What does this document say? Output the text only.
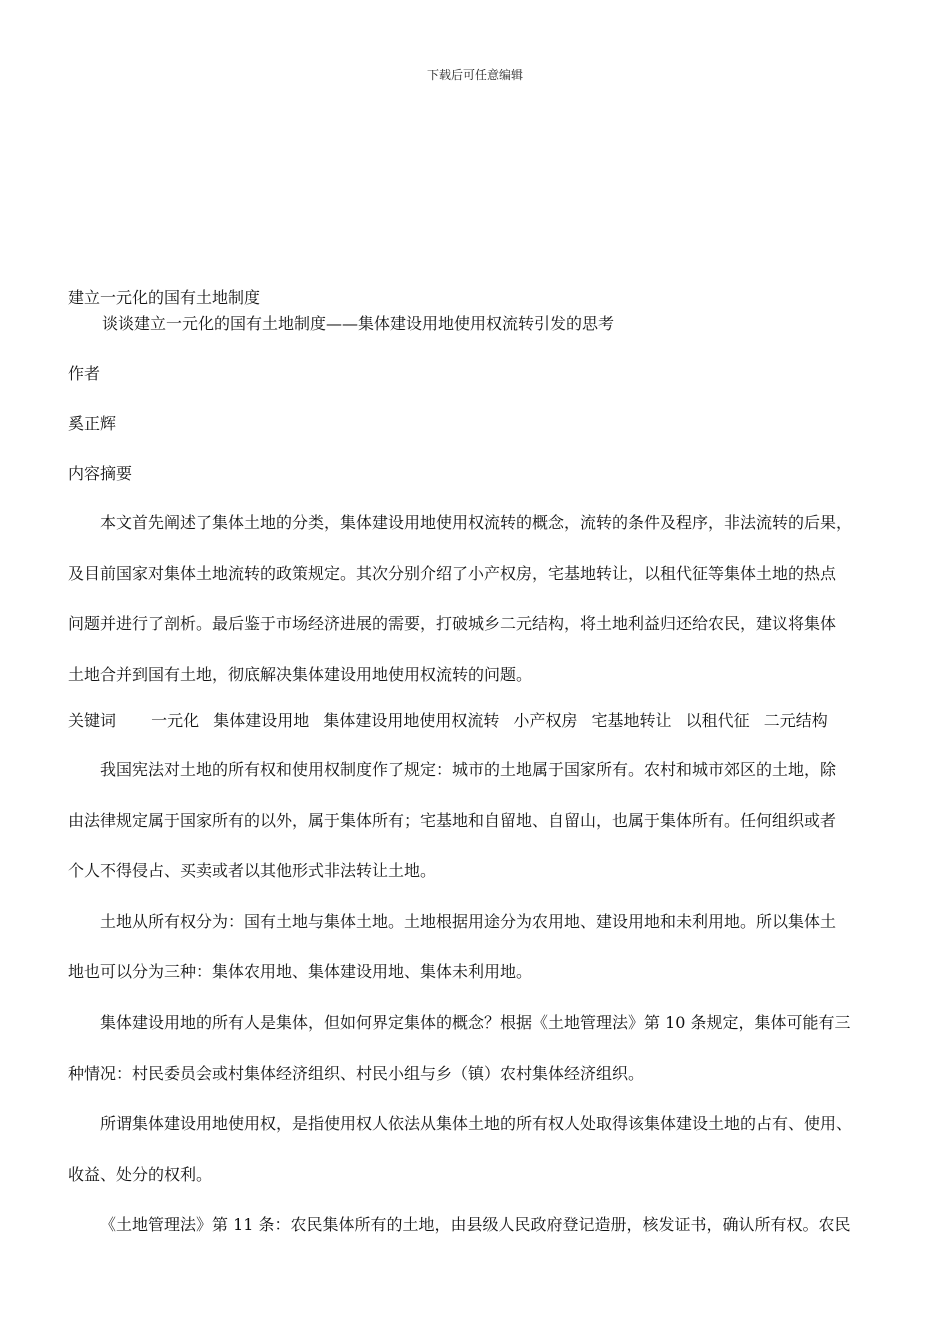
下载后可任意编辑
建立一元化的国有土地制度
谈谈建立一元化的国有土地制度——集体建设用地使用权流转引发的思考
作者
奚正辉
内容摘要

本文首先阐述了集体土地的分类，集体建设用地使用权流转的概念，流转的条件及程序，非法流转的后果，

及目前国家对集体土地流转的政策规定。其次分别介绍了小产权房，宅基地转让，以租代征等集体土地的热点

问题并进行了剖析。最后鉴于市场经济进展的需要，打破城乡二元结构，将土地利益归还给农民，建议将集体

土地合并到国有土地，彻底解决集体建设用地使用权流转的问题。

关键词 一元化 集体建设用地 集体建设用地使用权流转 小产权房 宅基地转让 以租代征 二元结构

我国宪法对土地的所有权和使用权制度作了规定：城市的土地属于国家所有。农村和城市郊区的土地，除

由法律规定属于国家所有的以外，属于集体所有；宅基地和自留地、自留山，也属于集体所有。任何组织或者

个人不得侵占、买卖或者以其他形式非法转让土地。

土地从所有权分为：国有土地与集体土地。土地根据用途分为农用地、建设用地和未利用地。所以集体土

地也可以分为三种：集体农用地、集体建设用地、集体未利用地。

集体建设用地的所有人是集体，但如何界定集体的概念？根据《土地管理法》第 10 条规定，集体可能有三

种情况：村民委员会或村集体经济组织、村民小组与乡（镇）农村集体经济组织。

所谓集体建设用地使用权，是指使用权人依法从集体土地的所有权人处取得该集体建设土地的占有、使用、

收益、处分的权利。

《土地管理法》第 11 条：农民集体所有的土地，由县级人民政府登记造册，核发证书，确认所有权。农民
